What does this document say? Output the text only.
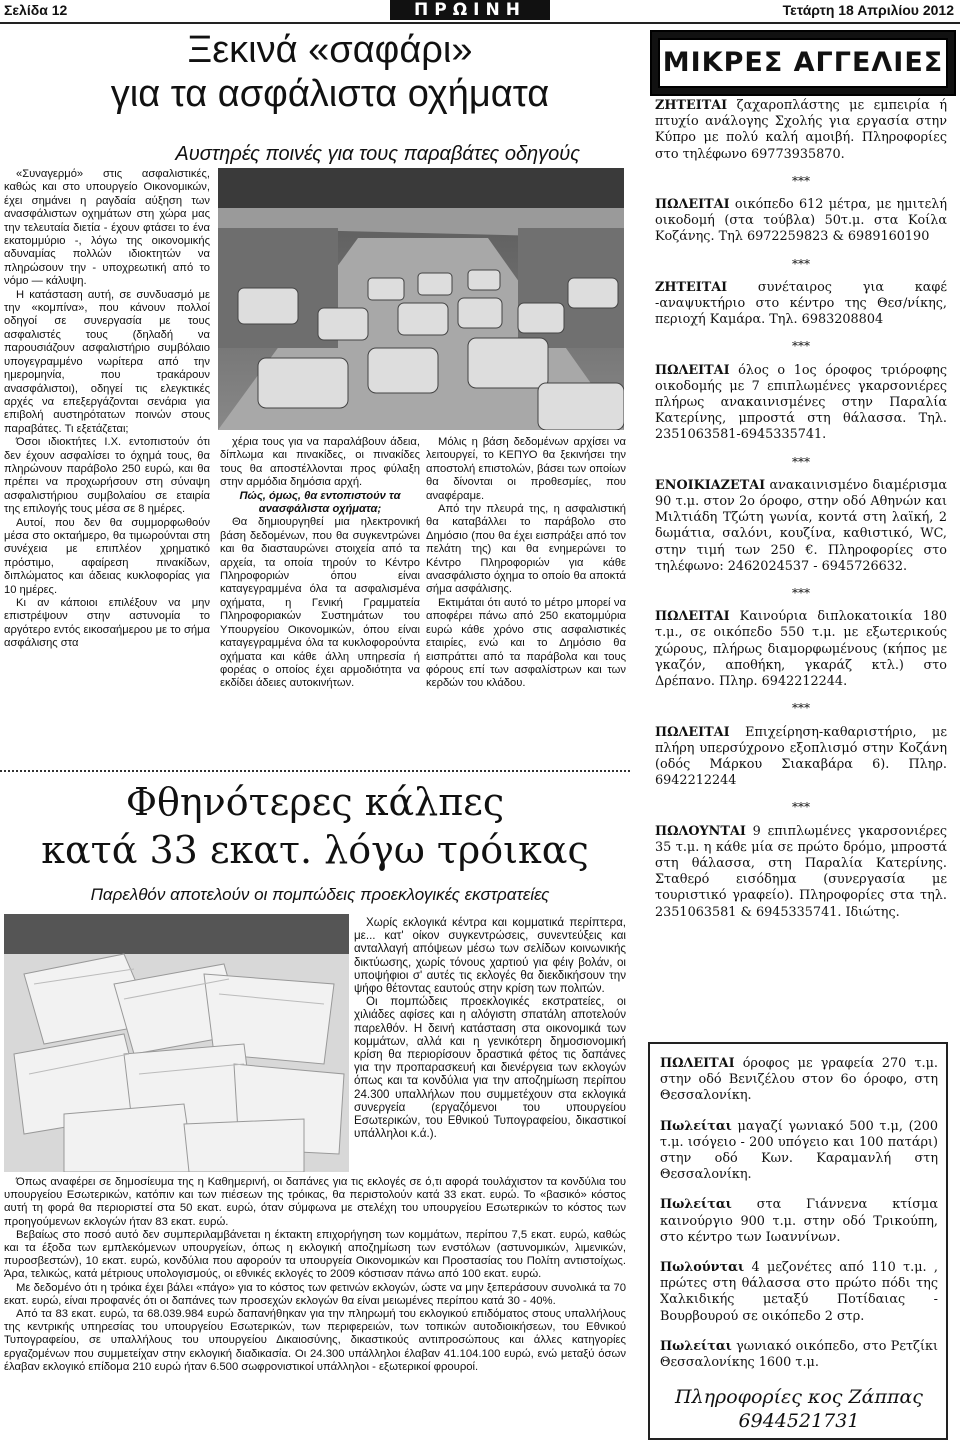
Σελίδα 12	ΠΡΩΙΝΗ	Τετάρτη 18 Απριλίου 2012
Ξεκινά «σαφάρι»
για τα ασφάλιστα οχήματα
Αυστηρές ποινές για τους παραβάτες οδηγούς

«Συναγερμό» στις ασφαλιστικές, καθώς και στο υπουργείο Οικονομικών, έχει σημάνει η ραγδαία αύξηση των ανασφάλιστων οχημάτων στη χώρα μας την τελευταία διετία - έχουν φτάσει το ένα εκατομμύριο -, λόγω της οικονομικής αδυναμίας πολλών ιδιοκτητών να πληρώσουν την - υποχρεωτική από το νόμο — κάλυψη.

Η κατάσταση αυτή, σε συνδυασμό με την «κομπίνα», που κάνουν πολλοί οδηγοί σε συνεργασία με τους ασφαλιστές τους (δηλαδή να παρουσιάζουν ασφαλιστήριο συμβόλαιο υπογεγραμμένο νωρίτερα από την ημερομηνία, που τρακάρουν ανασφάλιστοι), οδηγεί τις ελεγκτικές αρχές να επεξεργάζονται σενάρια για επιβολή αυστηρότατων ποινών στους παραβάτες. Τι εξετάζεται;

Όσοι ιδιοκτήτες Ι.Χ. εντοπιστούν ότι δεν έχουν ασφαλίσει το όχημά τους, θα πληρώνουν παράβολο 250 ευρώ, και θα πρέπει να προχωρήσουν στη σύναψη ασφαλιστήριου συμβολαίου σε εταιρία της επιλογής τους μέσα σε 8 ημέρες.

Αυτοί, που δεν θα συμμορφωθούν μέσα στο οκταήμερο, θα τιμωρούνται στη συνέχεια με επιπλέον χρηματικό πρόστιμο, αφαίρεση πινακίδων, διπλώματος και άδειας κυκλοφορίας για 10 ημέρες.

Κι αν κάποιοι επιλέξουν να μην επιστρέψουν στην αστυνομία το αργότερο εντός εικοσαήμερου με το σήμα ασφάλισης στα

χέρια τους για να παραλάβουν άδεια, δίπλωμα και πινακίδες, οι πινακίδες τους θα αποστέλλονται προς φύλαξη στην αρμόδια δημόσια αρχή.

Πώς, όμως, θα εντοπιστούν τα ανασφάλιστα οχήματα;

Θα δημιουργηθεί μια ηλεκτρονική βάση δεδομένων, που θα συγκεντρώνει και θα διασταυρώνει στοιχεία από τα αρχεία, τα οποία τηρούν το Κέντρο Πληροφοριών όπου είναι καταγεγραμμένα όλα τα ασφαλισμένα οχήματα, η Γενική Γραμματεία Πληροφοριακών Συστημάτων του Υπουργείου Οικονομικών, όπου είναι καταγεγραμμένα όλα τα κυκλοφορούντα οχήματα και κάθε άλλη υπηρεσία ή φορέας ο οποίος έχει αρμοδιότητα να εκδίδει άδειες αυτοκινήτων.

Μόλις η βάση δεδομένων αρχίσει να λειτουργεί, το ΚΕΠΥΟ θα ξεκινήσει την αποστολή επιστολών, βάσει των οποίων θα δίνονται οι προθεσμίες, που αναφέραμε.

Από την πλευρά της, η ασφαλιστική θα καταβάλλει το παράβολο στο Δημόσιο (που θα έχει εισπράξει από τον πελάτη της) και θα ενημερώνει το Κέντρο Πληροφοριών για κάθε ανασφάλιστο όχημα το οποίο θα αποκτά σήμα ασφάλισης.

Εκτιμάται ότι αυτό το μέτρο μπορεί να αποφέρει πάνω από 250 εκατομμύρια ευρώ κάθε χρόνο στις ασφαλιστικές εταιρίες, ενώ και το Δημόσιο θα εισπράττει από τα παράβολα και τους φόρους επί των ασφαλίστρων και των κερδών του κλάδου.

Φθηνότερες κάλπες
κατά 33 εκατ. λόγω τρόικας
Παρελθόν αποτελούν οι πομπώδεις προεκλογικές εκστρατείες

Χωρίς εκλογικά κέντρα και κομματικά περίπτερα, με... κατ' οίκον συγκεντρώσεις, συνεντεύξεις και ανταλλαγή απόψεων μέσω των σελίδων κοινωνικής δικτύωσης, χωρίς τόνους χαρτιού για φέιγ βολάν, οι υποψήφιοι σ' αυτές τις εκλογές θα διεκδικήσουν την ψήφο θέτοντας εαυτούς στην κρίση των πολιτών.

Οι πομπώδεις προεκλογικές εκστρατείες, οι χιλιάδες αφίσες και η αλόγιστη σπατάλη αποτελούν παρελθόν. Η δεινή κατάσταση στα οικονομικά των κομμάτων, αλλά και η γενικότερη δημοσιονομική κρίση θα περιορίσουν δραστικά φέτος τις δαπάνες για την προπαρασκευή και διενέργεια των εκλογών όπως και τα κονδύλια για την αποζημίωση περίπου 24.300 υπαλλήλων που συμμετέχουν στα εκλογικά συνεργεία (εργαζόμενοι του υπουργείου Εσωτερικών, του Εθνικού Τυπογραφείου, δικαστικοί υπάλληλοι κ.ά.).

Όπως αναφέρει σε δημοσίευμα της η Καθημερινή, οι δαπάνες για τις εκλογές σε ό,τι αφορά τουλάχιστον τα κονδύλια του υπουργείου Εσωτερικών, κατόπιν και των πιέσεων της τρόικας, θα περιστολούν κατά 33 εκατ. ευρώ. Το «βασικό» κόστος αυτή τη φορά θα περιοριστεί στα 50 εκατ. ευρώ, όταν σύμφωνα με στελέχη του υπουργείου Εσωτερικών το κόστος των προηγούμενων εκλογών ήταν 83 εκατ. ευρώ.

Βεβαίως στο ποσό αυτό δεν συμπεριλαμβάνεται η έκτακτη επιχορήγηση των κομμάτων, περίπου 7,5 εκατ. ευρώ, καθώς και τα έξοδα των εμπλεκόμενων υπουργείων, όπως η εκλογική αποζημίωση των ενστόλων (αστυνομικών, λιμενικών, πυροσβεστών), 10 εκατ. ευρώ, κονδύλια που αφορούν τα υπουργεία Οικονομικών και Προστασίας του Πολίτη αντιστοίχως. Άρα, τελικώς, κατά μέτριους υπολογισμούς, οι εθνικές εκλογές το 2009 κόστισαν πάνω από 100 εκατ. ευρώ.

Με δεδομένο ότι η τρόικα έχει βάλει «πάγο» για το κόστος των φετινών εκλογών, ώστε να μην ξεπεράσουν συνολικά τα 70 εκατ. ευρώ, είναι προφανές ότι οι δαπάνες των προσεχών εκλογών θα είναι μειωμένες περίπου κατά 30 - 40%.

Από τα 83 εκατ. ευρώ, τα 68.039.984 ευρώ δαπανήθηκαν για την πληρωμή του εκλογικού επιδόματος στους υπαλλήλους της κεντρικής υπηρεσίας του υπουργείου Εσωτερικών, των περιφερειών, των τοπικών αυτοδιοικήσεων, του Εθνικού Τυπογραφείου, σε υπαλλήλους του υπουργείου Δικαιοσύνης, δικαστικούς αντιπροσώπους και άλλες κατηγορίες εργαζομένων που συμμετείχαν στην εκλογική διαδικασία. Οι 24.300 υπάλληλοι έλαβαν 41.104.100 ευρώ, ενώ μεταξύ όσων έλαβαν εκλογικό επίδομα 210 ευρώ ήταν 6.500 σωφρονιστικοί υπάλληλοι - εξωτερικοί φρουροί.

ΜΙΚΡΕΣ ΑΓΓΕΛΙΕΣ

ΖΗΤΕΙΤΑΙ ζαχαροπλάστης με εμπειρία ή πτυχίο ανάλογης Σχολής για εργασία στην Κύπρο με πολύ καλή αμοιβή. Πληροφορίες στο τηλέφωνο 69773935870.

***

ΠΩΛΕΙΤΑΙ οικόπεδο 612 μέτρα, με ημιτελή οικοδομή (στα τούβλα) 50τ.μ. στα Κοίλα Κοζάνης. Τηλ 6972259823 & 6989160190

***

ΖΗΤΕΙΤΑΙ συνέταιρος για καφέ -αναψυκτήριο στο κέντρο της Θεσ/νίκης, περιοχή Καμάρα. Τηλ. 6983208804

***

ΠΩΛΕΙΤΑΙ όλος ο 1ος όροφος τριόροφης οικοδομής με 7 επιπλωμένες γκαρσονιέρες πλήρως ανακαινισμένες στην Παραλία Κατερίνης, μπροστά στη θάλασσα. Τηλ. 2351063581-6945335741.

***

ΕΝΟΙΚΙΑΖΕΤΑΙ ανακαινισμένο διαμέρισμα 90 τ.μ. στον 2ο όροφο, στην οδό Αθηνών και Μιλτιάδη Τζώτη γωνία, κοντά στη λαϊκή, 2 δωμάτια, σαλόνι, κουζίνα, καθιστικό, WC, στην τιμή των 250 €. Πληροφορίες στο τηλέφωνο: 2462024537 - 6945726632.

***

ΠΩΛΕΙΤΑΙ Καινούρια διπλοκατοικία 180 τ.μ., σε οικόπεδο 550 τ.μ. με εξωτερικούς χώρους, πλήρως διαμορφωμένους (κήπος με γκαζόν, αποθήκη, γκαράζ κτλ.) στο Δρέπανο. Πληρ. 6942212244.

***

ΠΩΛΕΙΤΑΙ Επιχείρηση-καθαριστήριο, με πλήρη υπερσύχρονο εξοπλισμό στην Κοζάνη (οδός Μάρκου Σιακαβάρα 6). Πληρ. 6942212244

***

ΠΩΛΟΥΝΤΑΙ 9 επιπλωμένες γκαρσονιέρες 35 τ.μ. η κάθε μία σε πρώτο δρόμο, μπροστά στη θάλασσα, στη Παραλία Κατερίνης. Σταθερό εισόδημα (συνεργασία με τουριστικό γραφείο). Πληροφορίες στα τηλ. 2351063581 & 6945335741. Ιδιώτης.

ΠΩΛΕΙΤΑΙ όροφος με γραφεία 270 τ.μ. στην οδό Βενιζέλου στον 6ο όροφο, στη Θεσσαλονίκη.

Πωλείται μαγαζί γωνιακό 500 τ.μ, (200 τ.μ. ισόγειο - 200 υπόγειο και 100 πατάρι) στην οδό Κων. Καραμανλή στη Θεσσαλονίκη.

Πωλείται στα Γιάννενα κτίσμα καινούργιο 900 τ.μ. στην οδό Τρικούπη, στο κέντρο των Ιωαννίνων.

Πωλούνται 4 μεζονέτες από 110 τ.μ. , πρώτες στη θάλασσα στο πρώτο πόδι της Χαλκιδικής μεταξύ Ποτίδαιας - Βουρβουρού σε οικόπεδο 2 στρ.

Πωλείται γωνιακό οικόπεδο, στο Ρετζίκι Θεσσαλονίκης 1600 τ.μ.

Πληροφορίες κος Ζάππας
6944521731
